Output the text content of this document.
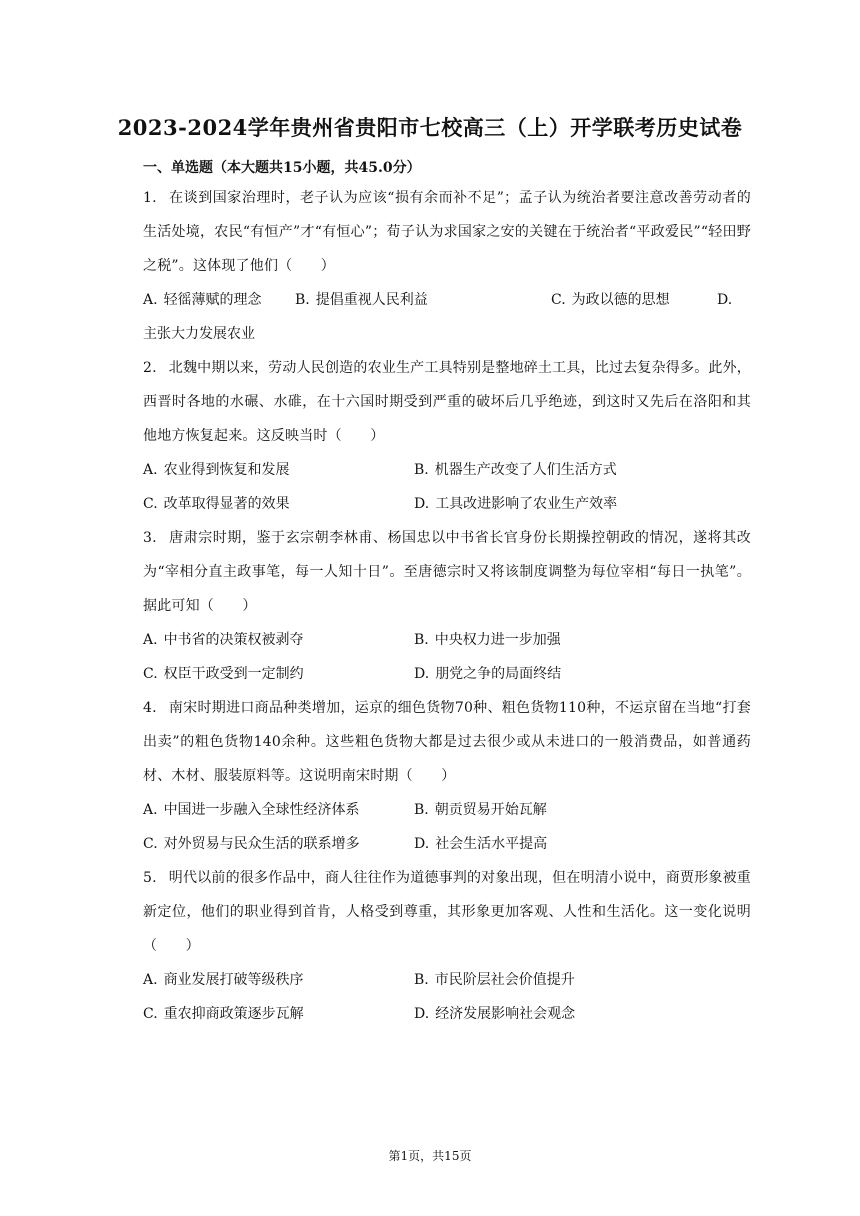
2023-2024学年贵州省贵阳市七校高三（上）开学联考历史试卷
一、单选题（本大题共15小题，共45.0分）
1. 在谈到国家治理时，老子认为应该“损有余而补不足”；孟子认为统治者要注意改善劳动者的生活处境，农民“有恒产”才“有恒心”；荀子认为求国家之安的关键在于统治者“平政爱民”“轻田野之税”。这体现了他们（　　）
A. 轻徭薄赋的理念 B. 提倡重视人民利益	C. 为政以德的思想	D.
主张大力发展农业
2. 北魏中期以来，劳动人民创造的农业生产工具特别是整地碎土工具，比过去复杂得多。此外，西晋时各地的水碾、水碓，在十六国时期受到严重的破坏后几乎绝迹，到这时又先后在洛阳和其他地方恢复起来。这反映当时（　　）
A. 农业得到恢复和发展	B. 机器生产改变了人们生活方式
C. 改革取得显著的效果	D. 工具改进影响了农业生产效率
3. 唐肃宗时期，鉴于玄宗朝李林甫、杨国忠以中书省长官身份长期操控朝政的情况，遂将其改为“宰相分直主政事笔，每一人知十日”。至唐德宗时又将该制度调整为每位宰相“每日一执笔”。据此可知（　　）
A. 中书省的决策权被剥夺	B. 中央权力进一步加强
C. 权臣干政受到一定制约	D. 朋党之争的局面终结
4. 南宋时期进口商品种类增加，运京的细色货物70种、粗色货物110种，不运京留在当地“打套出卖”的粗色货物140余种。这些粗色货物大都是过去很少或从未进口的一般消费品，如普通药材、木材、服装原料等。这说明南宋时期（　　）
A. 中国进一步融入全球性经济体系	B. 朝贡贸易开始瓦解
C. 对外贸易与民众生活的联系增多	D. 社会生活水平提高
5. 明代以前的很多作品中，商人往往作为道德事判的对象出现，但在明清小说中，商贾形象被重新定位，他们的职业得到首肯，人格受到尊重，其形象更加客观、人性和生活化。这一变化说明（　　）
A. 商业发展打破等级秩序	B. 市民阶层社会价值提升
C. 重农抑商政策逐步瓦解	D. 经济发展影响社会观念
第1页，共15页
